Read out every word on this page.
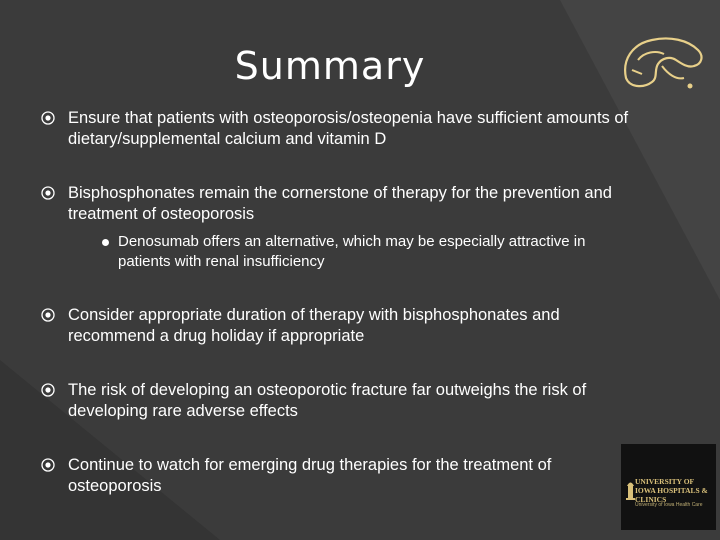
Summary
Ensure that patients with osteoporosis/osteopenia have sufficient amounts of dietary/supplemental calcium and vitamin D
Bisphosphonates remain the cornerstone of therapy for the prevention and treatment of osteoporosis
Denosumab offers an alternative, which may be especially attractive in patients with renal insufficiency
Consider appropriate duration of therapy with bisphosphonates and recommend a drug holiday if appropriate
The risk of developing an osteoporotic fracture far outweighs the risk of developing rare adverse effects
Continue to watch for emerging drug therapies for the treatment of osteoporosis	UNIVERSITY OF IOWA HOSPITALS & CLINICS
University of Iowa Health Care
